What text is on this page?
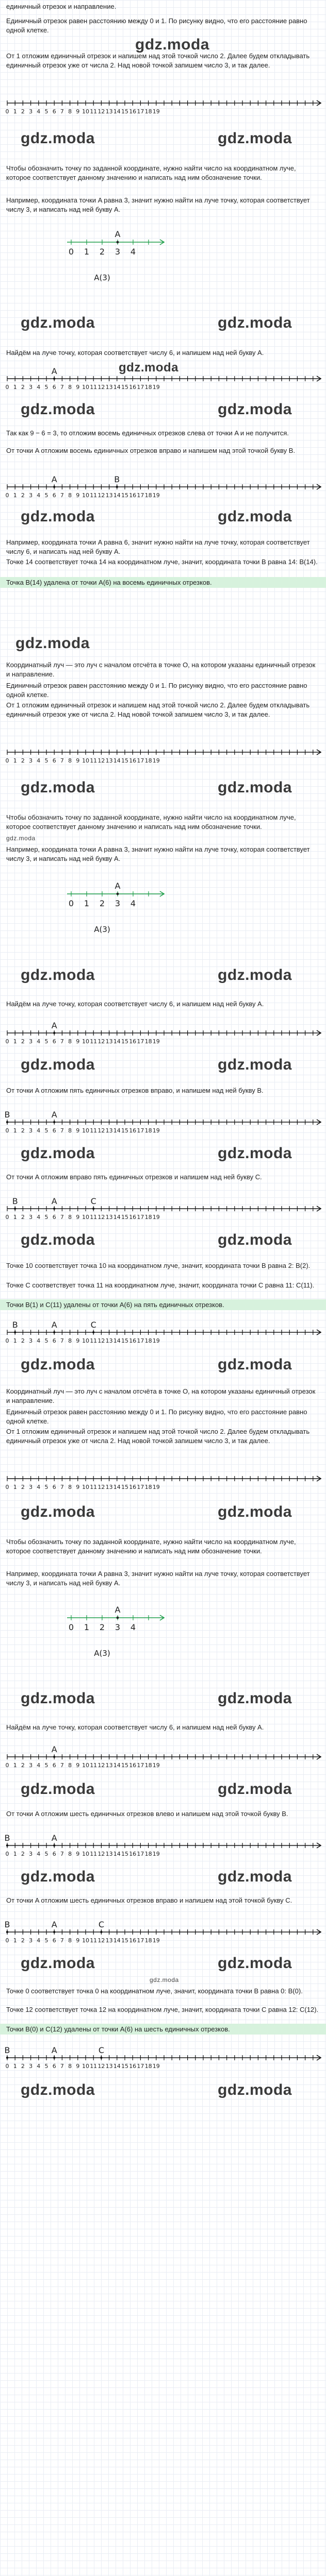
единичный отрезок и направление.

Единичный отрезок равен расстоянию между 0 и 1. По рисунку видно, что его расстояние равно одной клетке.

gdz.moda

От 1 отложим единичный отрезок и напишем над этой точкой число 2. Далее будем откладывать единичный отрезок уже от числа 2. Над новой точкой запишем число 3, и так далее.

0 1 2 3 4 5 6 7 8 9 10 11 12 13 14 15 16 17 18 19
gdz.moda	gdz.moda

Чтобы обозначить точку по заданной координате, нужно найти число на координатном луче, которое соответствует данному значению и написать над ним обозначение точки.

Например, координата точки A равна 3, значит нужно найти на луче точку, которая соответствует числу 3, и написать над ней букву A.

0 1 2 3 4
A
A(3)
gdz.moda	gdz.moda

Найдём на луче точку, которая соответствует числу 6, и напишем над ней букву A.

gdz.moda
0 1 2 3 4 5 6 7 8 9 10 11 12 13 14 15 16 17 18 19
A
gdz.moda	gdz.moda

Так как 9 − 6 = 3, то отложим восемь единичных отрезков слева от точки A и не получится.

От точки A отложим восемь единичных отрезков вправо и напишем над этой точкой букву B.

0 1 2 3 4 5 6 7 8 9 10 11 12 13 14 15 16 17 18 19
A	B
gdz.moda	gdz.moda

Например, координата точки A равна 6, значит нужно найти на луче точку, которая соответствует числу 6, и написать над ней букву A.

Точке 14 соответствует точка 14 на координатном луче, значит, координата точки B равна 14: B(14).

Точка B(14) удалена от точки A(6) на восемь единичных отрезков.
gdz.moda

Координатный луч — это луч с началом отсчёта в точке O, на котором указаны единичный отрезок и направление.

Единичный отрезок равен расстоянию между 0 и 1. По рисунку видно, что его расстояние равно одной клетке.

От 1 отложим единичный отрезок и напишем над этой точкой число 2. Далее будем откладывать единичный отрезок уже от числа 2. Над новой точкой запишем число 3, и так далее.

0 1 2 3 4 5 6 7 8 9 10 11 12 13 14 15 16 17 18 19
gdz.moda	gdz.moda

Чтобы обозначить точку по заданной координате, нужно найти число на координатном луче, которое соответствует данному значению и написать над ним обозначение точки.

gdz.moda

Например, координата точки A равна 3, значит нужно найти на луче точку, которая соответствует числу 3, и написать над ней букву A.

0 1 2 3 4
A
A(3)
gdz.moda	gdz.moda

Найдём на луче точку, которая соответствует числу 6, и напишем над ней букву A.

0 1 2 3 4 5 6 7 8 9 10 11 12 13 14 15 16 17 18 19
A
gdz.moda	gdz.moda

От точки A отложим пять единичных отрезков вправо, и напишем над ней букву B.

0 1 2 3 4 5 6 7 8 9 10 11 12 13 14 15 16 17 18 19
B	A
gdz.moda	gdz.moda

От точки A отложим вправо пять единичных отрезков и напишем над ней букву C.

0 1 2 3 4 5 6 7 8 9 10 11 12 13 14 15 16 17 18 19
B	A	C
gdz.moda	gdz.moda

Точке 10 соответствует точка 10 на координатном луче, значит, координата точки B равна 2: B(2).

Точке C соответствует точка 11 на координатном луче, значит, координата точки C равна 11: C(11).

Точки B(1) и C(11) удалены от точки A(6) на пять единичных отрезков.
0 1 2 3 4 5 6 7 8 9 10 11 12 13 14 15 16 17 18 19
B	A	C
gdz.moda	gdz.moda

Координатный луч — это луч с началом отсчёта в точке O, на котором указаны единичный отрезок и направление.

Единичный отрезок равен расстоянию между 0 и 1. По рисунку видно, что его расстояние равно одной клетке.

От 1 отложим единичный отрезок и напишем над этой точкой число 2. Далее будем откладывать единичный отрезок уже от числа 2. Над новой точкой запишем число 3, и так далее.

0 1 2 3 4 5 6 7 8 9 10 11 12 13 14 15 16 17 18 19
gdz.moda	gdz.moda

Чтобы обозначить точку по заданной координате, нужно найти число на координатном луче, которое соответствует данному значению и написать над ним обозначение точки.

Например, координата точки A равна 3, значит нужно найти на луче точку, которая соответствует числу 3, и написать над ней букву A.

0 1 2 3 4
A
A(3)
gdz.moda	gdz.moda

Найдём на луче точку, которая соответствует числу 6, и напишем над ней букву A.

0 1 2 3 4 5 6 7 8 9 10 11 12 13 14 15 16 17 18 19
A
gdz.moda	gdz.moda

От точки A отложим шесть единичных отрезков влево и напишем над этой точкой букву B.

0 1 2 3 4 5 6 7 8 9 10 11 12 13 14 15 16 17 18 19
B	A
gdz.moda	gdz.moda

От точки A отложим шесть единичных отрезков вправо и напишем над этой точкой букву C.

0 1 2 3 4 5 6 7 8 9 10 11 12 13 14 15 16 17 18 19
B	A	C
gdz.moda	gdz.moda
gdz.moda

Точке 0 соответствует точка 0 на координатном луче, значит, координата точки B равна 0: B(0).

Точке 12 соответствует точка 12 на координатном луче, значит, координата точки C равна 12: C(12).

Точки B(0) и C(12) удалены от точки A(6) на шесть единичных отрезков.
0 1 2 3 4 5 6 7 8 9 10 11 12 13 14 15 16 17 18 19
B	A	C
gdz.moda	gdz.moda
